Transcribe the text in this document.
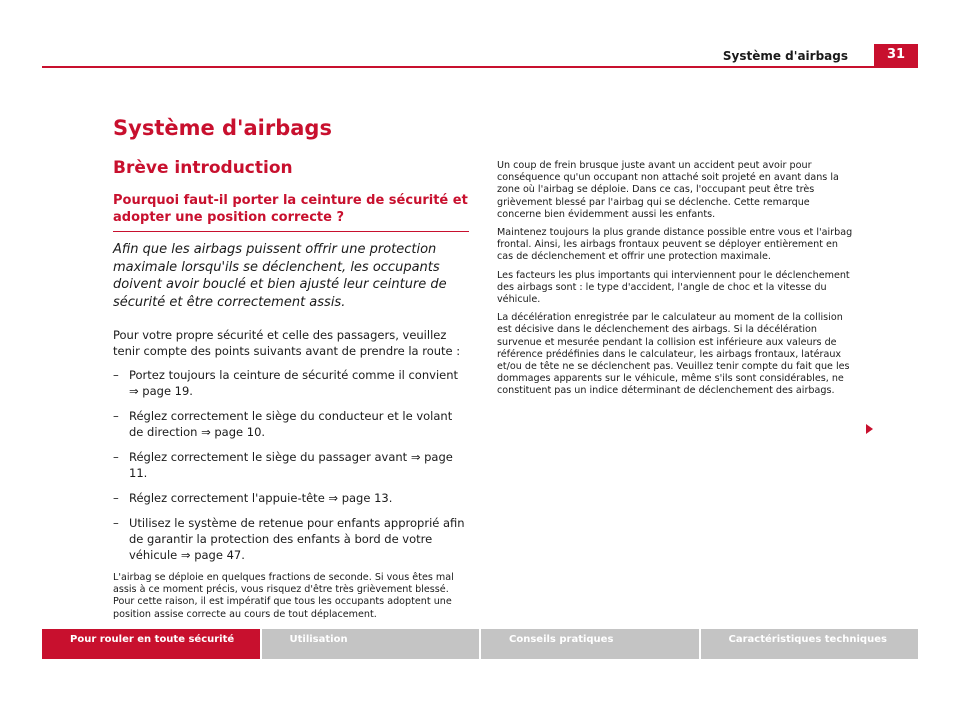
Système d'airbags	31
Système d'airbags
Brève introduction
Pourquoi faut-il porter la ceinture de sécurité et adopter une position correcte ?

Afin que les airbags puissent offrir une protection maximale lorsqu'ils se déclenchent, les occupants doivent avoir bouclé et bien ajusté leur ceinture de sécurité et être correctement assis.

Pour votre propre sécurité et celle des passagers, veuillez tenir compte des points suivants avant de prendre la route :

– Portez toujours la ceinture de sécurité comme il convient ⇒ page 19.
– Réglez correctement le siège du conducteur et le volant de direction ⇒ page 10.
– Réglez correctement le siège du passager avant ⇒ page 11.
– Réglez correctement l'appuie-tête ⇒ page 13.
– Utilisez le système de retenue pour enfants approprié afin de garantir la protection des enfants à bord de votre véhicule ⇒ page 47.

L'airbag se déploie en quelques fractions de seconde. Si vous êtes mal assis à ce moment précis, vous risquez d'être très grièvement blessé. Pour cette raison, il est impératif que tous les occupants adoptent une position assise correcte au cours de tout déplacement.

Un coup de frein brusque juste avant un accident peut avoir pour conséquence qu'un occupant non attaché soit projeté en avant dans la zone où l'airbag se déploie. Dans ce cas, l'occupant peut être très grièvement blessé par l'airbag qui se déclenche. Cette remarque concerne bien évidemment aussi les enfants.

Maintenez toujours la plus grande distance possible entre vous et l'airbag frontal. Ainsi, les airbags frontaux peuvent se déployer entièrement en cas de déclenchement et offrir une protection maximale.

Les facteurs les plus importants qui interviennent pour le déclenchement des airbags sont : le type d'accident, l'angle de choc et la vitesse du véhicule.

La décélération enregistrée par le calculateur au moment de la collision est décisive dans le déclenchement des airbags. Si la décélération survenue et mesurée pendant la collision est inférieure aux valeurs de référence prédéfinies dans le calculateur, les airbags frontaux, latéraux et/ou de tête ne se déclenchent pas. Veuillez tenir compte du fait que les dommages apparents sur le véhicule, même s'ils sont considérables, ne constituent pas un indice déterminant de déclenchement des airbags.

Pour rouler en toute sécurité	Utilisation	Conseils pratiques	Caractéristiques techniques
